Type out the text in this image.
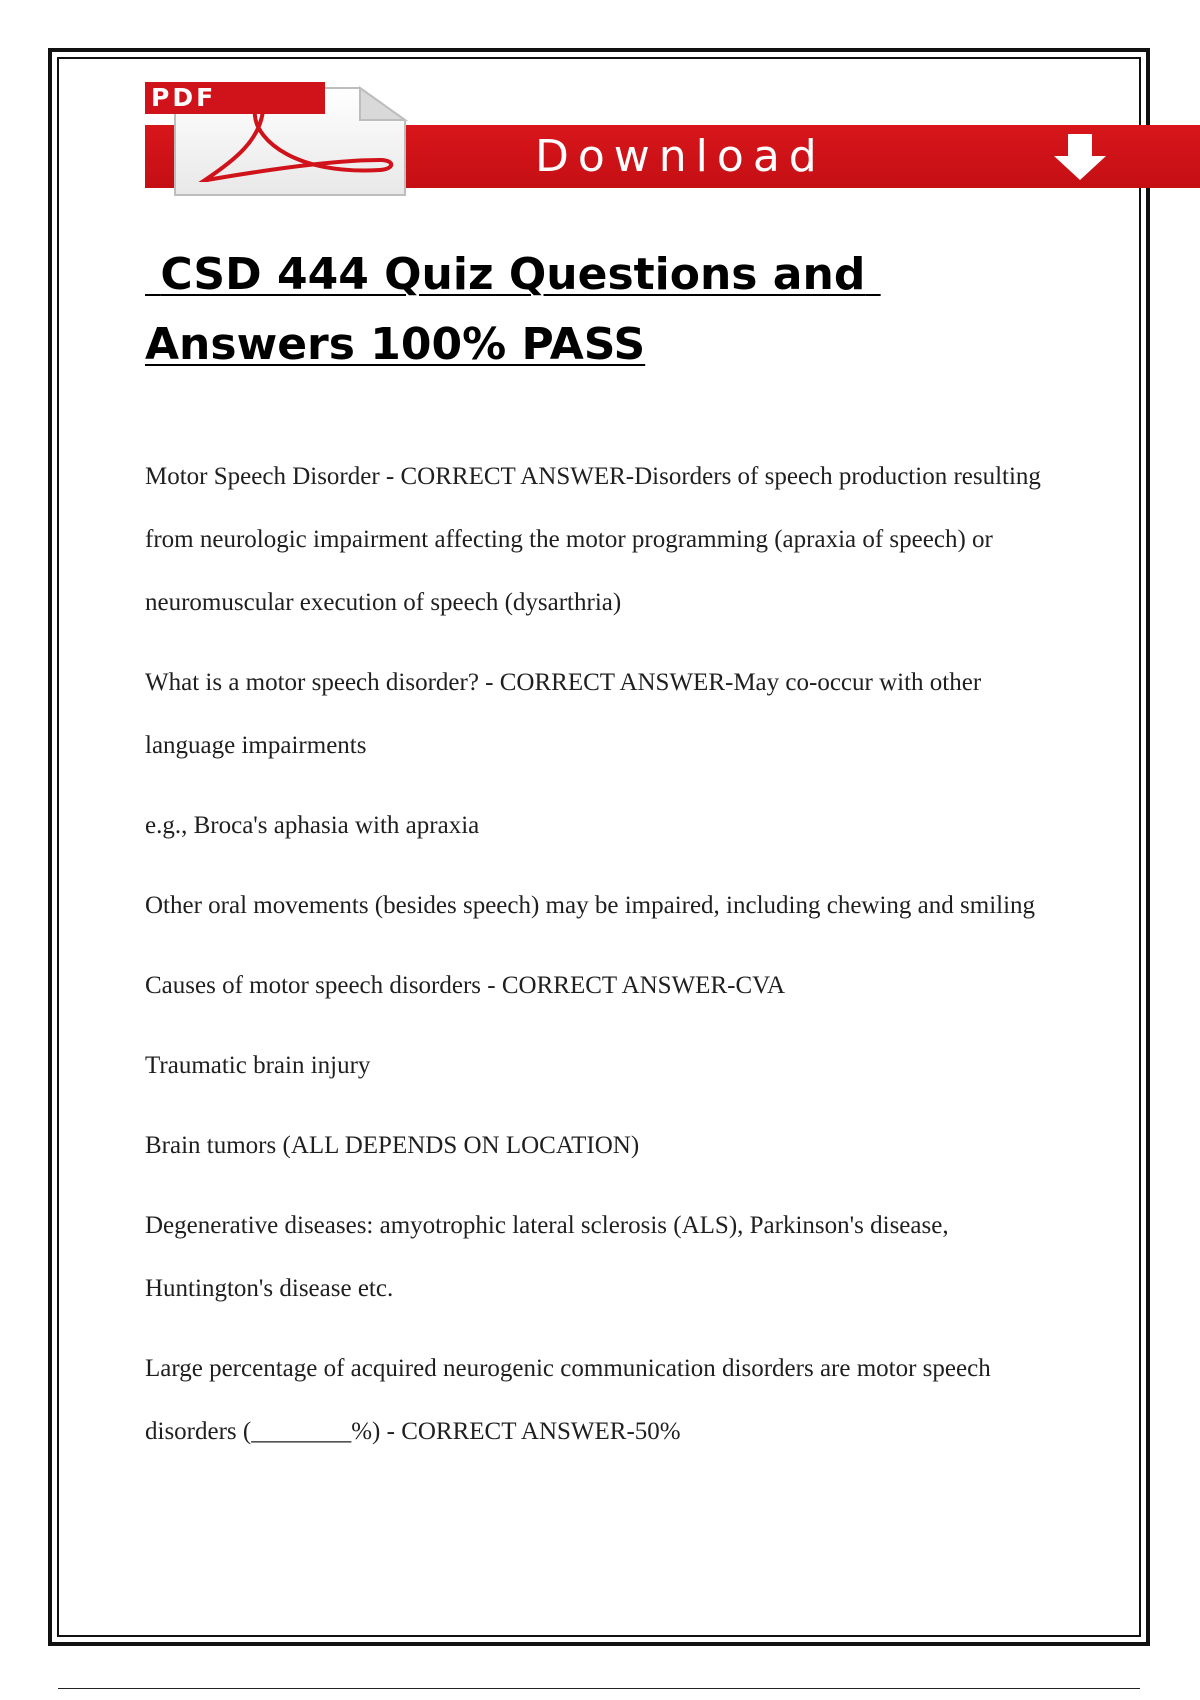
Download
PDF
CSD 444 Quiz Questions and Answers 100% PASS

Motor Speech Disorder - CORRECT ANSWER-Disorders of speech production resulting from neurologic impairment affecting the motor programming (apraxia of speech) or neuromuscular execution of speech (dysarthria)

What is a motor speech disorder? - CORRECT ANSWER-May co-occur with other language impairments

e.g., Broca's aphasia with apraxia

Other oral movements (besides speech) may be impaired, including chewing and smiling

Causes of motor speech disorders - CORRECT ANSWER-CVA

Traumatic brain injury

Brain tumors (ALL DEPENDS ON LOCATION)

Degenerative diseases: amyotrophic lateral sclerosis (ALS), Parkinson's disease, Huntington's disease etc.

Large percentage of acquired neurogenic communication disorders are motor speech disorders (________%) - CORRECT ANSWER-50%
